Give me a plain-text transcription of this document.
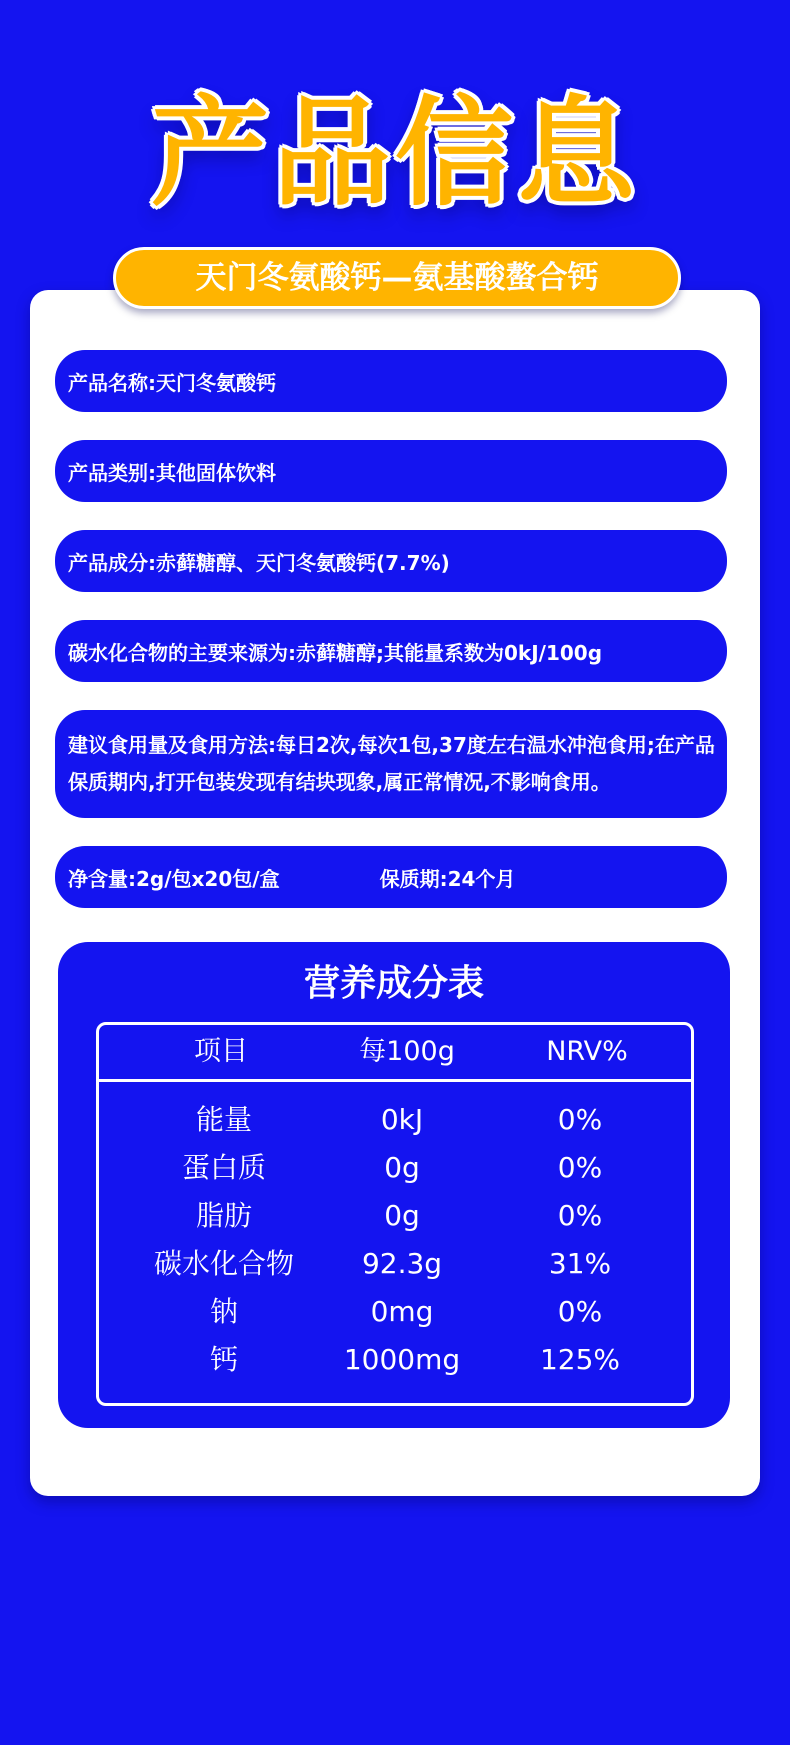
产品信息
天门冬氨酸钙—氨基酸螯合钙
产品名称:天门冬氨酸钙
产品类别:其他固体饮料
产品成分:赤藓糖醇、天门冬氨酸钙(7.7%)
碳水化合物的主要来源为:赤藓糖醇;其能量系数为0kJ/100g
建议食用量及食用方法:每日2次,每次1包,37度左右温水冲泡食用;在产品保质期内,打开包装发现有结块现象,属正常情况,不影响食用。
净含量:2g/包x20包/盒	保质期:24个月
营养成分表
项目	每100g	NRV%
能量	0kJ	0%
蛋白质	0g	0%
脂肪	0g	0%
碳水化合物	92.3g	31%
钠	0mg	0%
钙	1000mg	125%
